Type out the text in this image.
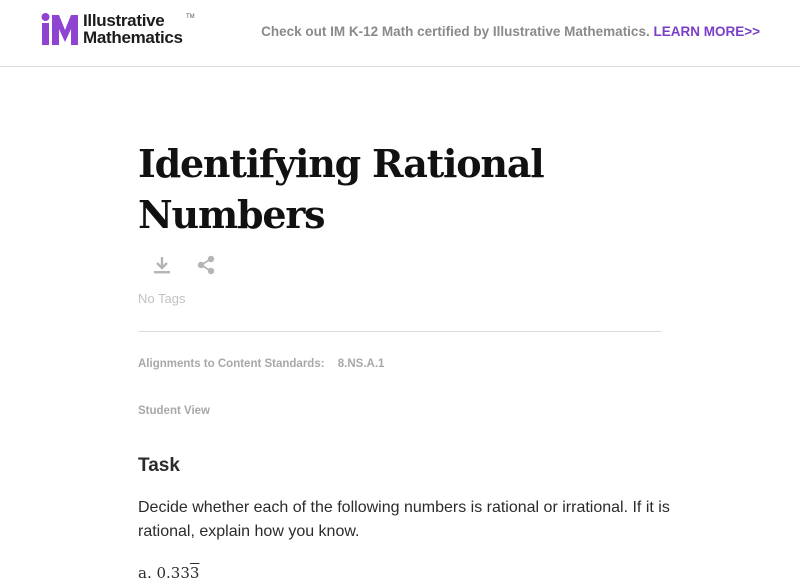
Illustrative
Mathematics
TM
Check out IM K-12 Math certified by Illustrative Mathematics. LEARN MORE>>
Identifying Rational Numbers
No Tags
Alignments to Content Standards: 8.NS.A.1
Student View
Task

Decide whether each of the following numbers is rational or irrational. If it is rational, explain how you know.

a. 0.333
